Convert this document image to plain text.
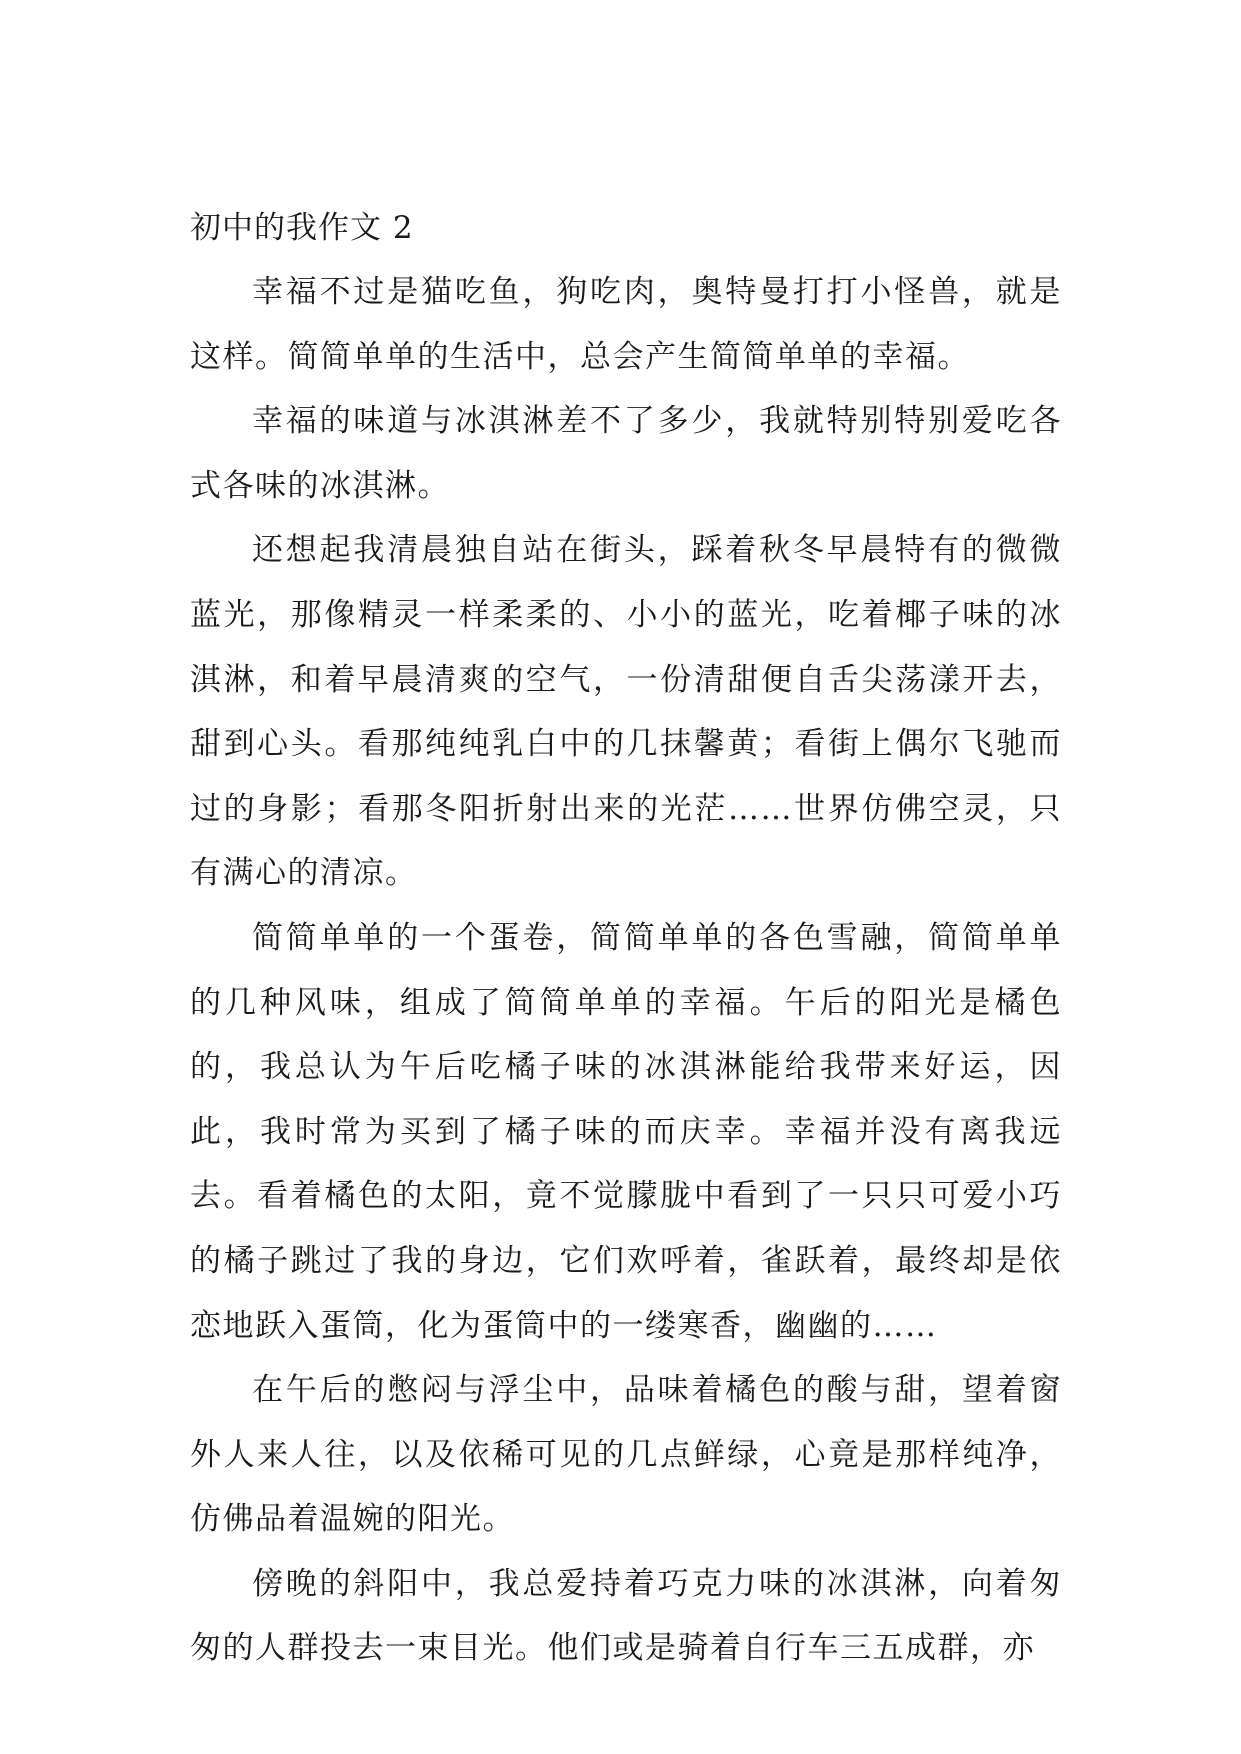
初中的我作文 2

幸福不过是猫吃鱼，狗吃肉，奥特曼打打小怪兽，就是这样。简简单单的生活中，总会产生简简单单的幸福。

幸福的味道与冰淇淋差不了多少，我就特别特别爱吃各式各味的冰淇淋。

还想起我清晨独自站在街头，踩着秋冬早晨特有的微微蓝光，那像精灵一样柔柔的、小小的蓝光，吃着椰子味的冰淇淋，和着早晨清爽的空气，一份清甜便自舌尖荡漾开去，甜到心头。看那纯纯乳白中的几抹馨黄；看街上偶尔飞驰而过的身影；看那冬阳折射出来的光茫……世界仿佛空灵，只有满心的清凉。

简简单单的一个蛋卷，简简单单的各色雪融，简简单单的几种风味，组成了简简单单的幸福。午后的阳光是橘色的，我总认为午后吃橘子味的冰淇淋能给我带来好运，因此，我时常为买到了橘子味的而庆幸。幸福并没有离我远去。看着橘色的太阳，竟不觉朦胧中看到了一只只可爱小巧的橘子跳过了我的身边，它们欢呼着，雀跃着，最终却是依恋地跃入蛋筒，化为蛋筒中的一缕寒香，幽幽的……

在午后的憋闷与浮尘中，品味着橘色的酸与甜，望着窗外人来人往，以及依稀可见的几点鲜绿，心竟是那样纯净，仿佛品着温婉的阳光。

傍晚的斜阳中，我总爱持着巧克力味的冰淇淋，向着匆匆的人群投去一束目光。他们或是骑着自行车三五成群，亦
